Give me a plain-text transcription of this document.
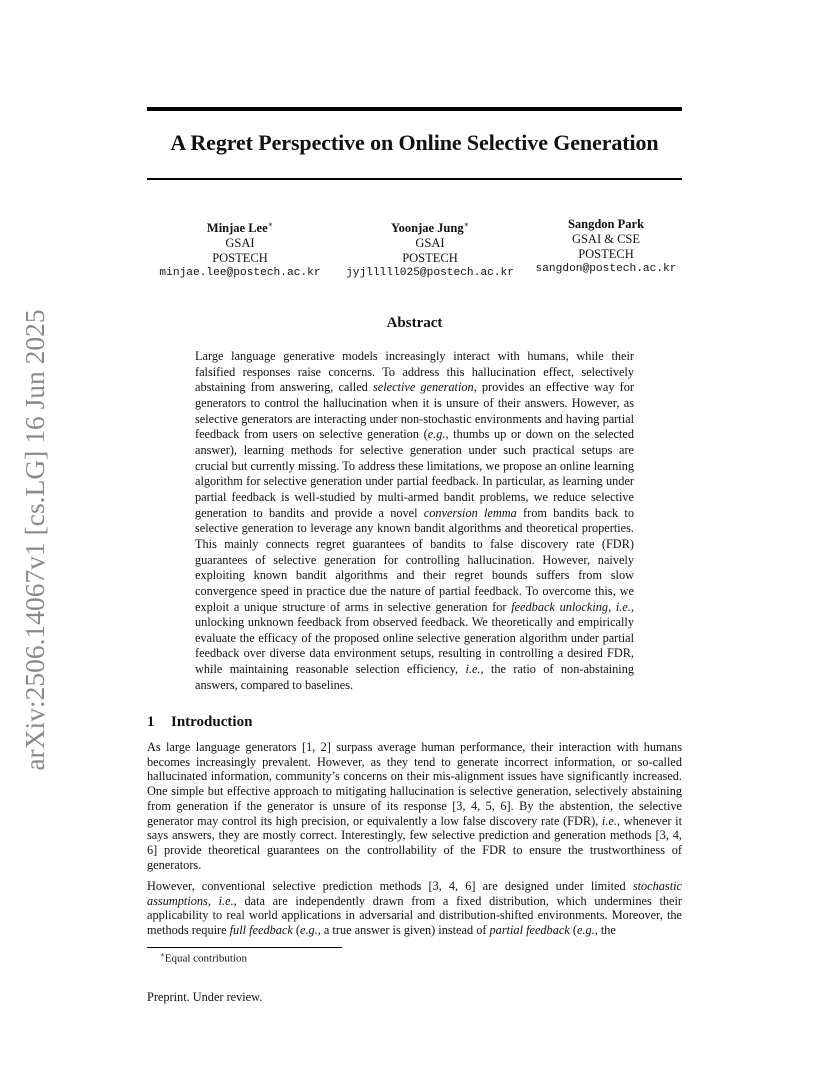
arXiv:2506.14067v1 [cs.LG] 16 Jun 2025
A Regret Perspective on Online Selective Generation
Minjae Lee∗
GSAI
POSTECH
minjae.lee@postech.ac.kr
Yoonjae Jung∗
GSAI
POSTECH
jyjlllll025@postech.ac.kr
Sangdon Park
GSAI & CSE
POSTECH
sangdon@postech.ac.kr
Abstract

Large language generative models increasingly interact with humans, while their falsified responses raise concerns. To address this hallucination effect, selectively abstaining from answering, called selective generation, provides an effective way for generators to control the hallucination when it is unsure of their answers. However, as selective generators are interacting under non-stochastic environments and having partial feedback from users on selective generation (e.g., thumbs up or down on the selected answer), learning methods for selective generation under such practical setups are crucial but currently missing. To address these limitations, we propose an online learning algorithm for selective generation under partial feedback. In particular, as learning under partial feedback is well-studied by multi-armed bandit problems, we reduce selective generation to bandits and provide a novel conversion lemma from bandits back to selective generation to leverage any known bandit algorithms and theoretical properties. This mainly connects regret guarantees of bandits to false discovery rate (FDR) guarantees of selective generation for controlling hallucination. However, naively exploiting known bandit algorithms and their regret bounds suffers from slow convergence speed in practice due the nature of partial feedback. To overcome this, we exploit a unique structure of arms in selective generation for feedback unlocking, i.e., unlocking unknown feedback from observed feedback. We theoretically and empirically evaluate the efficacy of the proposed online selective generation algorithm under partial feedback over diverse data environment setups, resulting in controlling a desired FDR, while maintaining reasonable selection efficiency, i.e., the ratio of non-abstaining answers, compared to baselines.

1 Introduction

As large language generators [1, 2] surpass average human performance, their interaction with humans becomes increasingly prevalent. However, as they tend to generate incorrect information, or so-called hallucinated information, community’s concerns on their mis-alignment issues have significantly increased. One simple but effective approach to mitigating hallucination is selective generation, selectively abstaining from generation if the generator is unsure of its response [3, 4, 5, 6]. By the abstention, the selective generator may control its high precision, or equivalently a low false discovery rate (FDR), i.e., whenever it says answers, they are mostly correct. Interestingly, few selective prediction and generation methods [3, 4, 6] provide theoretical guarantees on the controllability of the FDR to ensure the trustworthiness of generators.

However, conventional selective prediction methods [3, 4, 6] are designed under limited stochastic assumptions, i.e., data are independently drawn from a fixed distribution, which undermines their applicability to real world applications in adversarial and distribution-shifted environments. Moreover, the methods require full feedback (e.g., a true answer is given) instead of partial feedback (e.g., the

∗Equal contribution
Preprint. Under review.
